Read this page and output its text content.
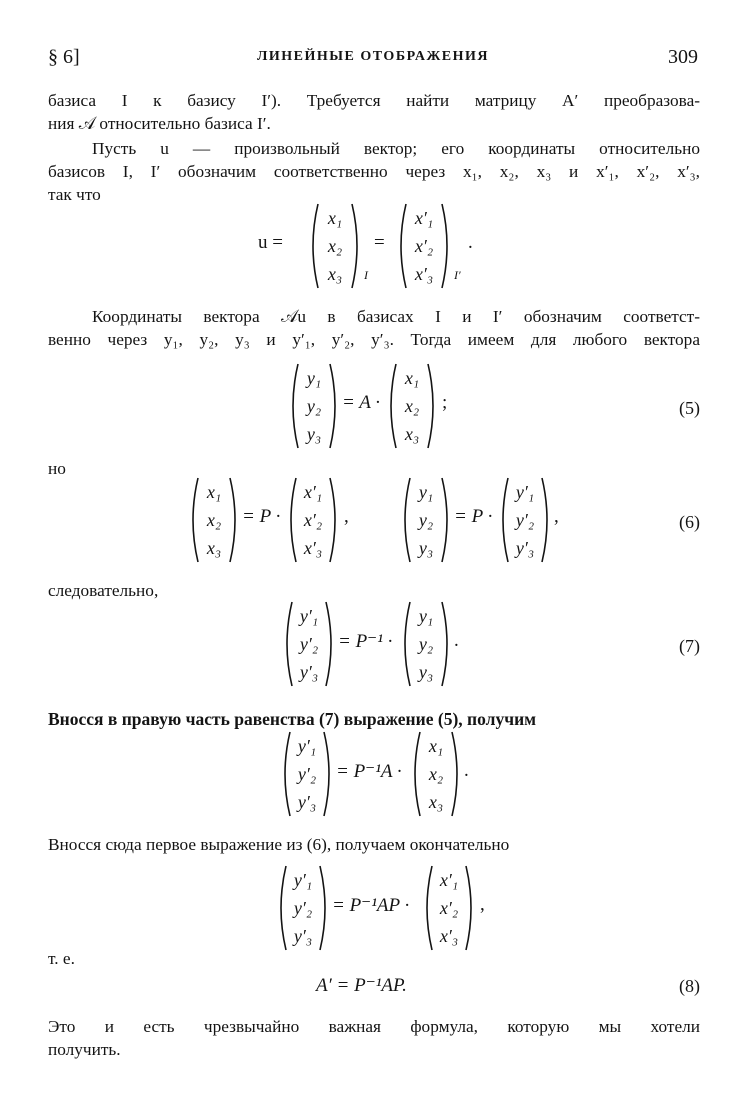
§ 6]	ЛИНЕЙНЫЕ ОТОБРАЖЕНИЯ	309
базиса I к базису I′). Требуется найти матрицу A′ преобразова-
ния 𝒜 относительно базиса I′.
Пусть u — произвольный вектор; его координаты относительно
базисов I, I′ обозначим соответственно через x₁, x₂, x₃ и x′₁, x′₂, x′₃,
так что
u =
x₁
x₂
x₃	I
=
x′₁
x′₂
x′₃	I′
.
Координаты вектора 𝒜u в базисах I и I′ обозначим соответст-
венно через y₁, y₂, y₃ и y′₁, y′₂, y′₃. Тогда имеем для любого вектора
y₁
y₂
y₃
= A ·
x₁
x₂
x₃
;	(5)
но
x₁
x₂
x₃
= P ·
x′₁
x′₂
x′₃
,
y₁
y₂
y₃
= P ·
y′₁
y′₂
y′₃
,	(6)
следовательно,
y′₁
y′₂
y′₃
= P⁻¹ ·
y₁
y₂
y₃
.	(7)
Вносся в правую часть равенства (7) выражение (5), получим
y′₁
y′₂
y′₃
= P⁻¹A ·
x₁
x₂
x₃
.
Вносся сюда первое выражение из (6), получаем окончательно
y′₁
y′₂
y′₃
= P⁻¹AP ·
x′₁
x′₂
x′₃
,
т. е.
A′ = P⁻¹AP.	(8)
Это и есть чрезвычайно важная формула, которую мы хотели
получить.
